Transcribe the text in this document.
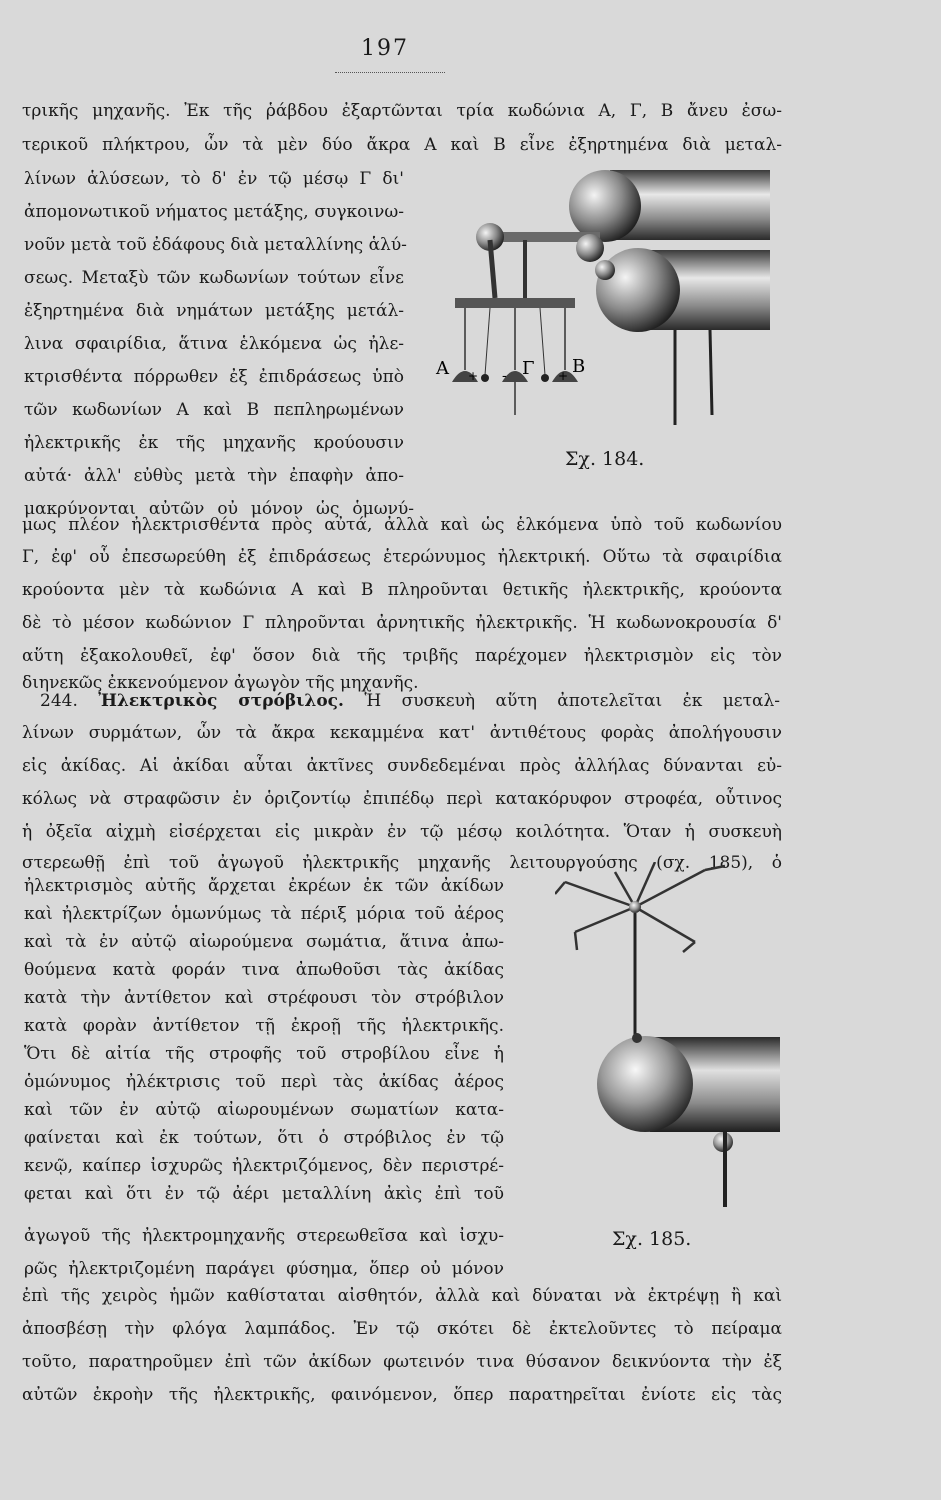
197
τρικῆς μηχανῆς. Ἐκ τῆς ῥάβδου ἐξαρτῶνται τρία κωδώνια Α, Γ, Β ἄνευ ἐσω-
τερικοῦ πλήκτρου, ὧν τὰ μὲν δύο ἄκρα Α καὶ Β εἶνε ἐξηρτημένα διὰ μεταλ-
λίνων ἁλύσεων, τὸ δ' ἐν τῷ μέσῳ Γ δι'
ἀπομονωτικοῦ νήματος μετάξης, συγκοινω-
νοῦν μετὰ τοῦ ἐδάφους διὰ μεταλλίνης ἁλύ-
σεως. Μεταξὺ τῶν κωδωνίων τούτων εἶνε
ἐξηρτημένα διὰ νημάτων μετάξης μετάλ-
λινα σφαιρίδια, ἅτινα ἑλκόμενα ὡς ἠλε-
κτρισθέντα πόρρωθεν ἐξ ἐπιδράσεως ὑπὸ
τῶν κωδωνίων Α καὶ Β πεπληρωμένων
ἠλεκτρικῆς ἐκ τῆς μηχανῆς κρούουσιν
αὐτά· ἀλλ' εὐθὺς μετὰ τὴν ἐπαφὴν ἀπο-
μακρύνονται αὐτῶν οὐ μόνον ὡς ὁμωνύ-
Α + - Γ + Β
Σχ. 184.
μως πλέον ἠλεκτρισθέντα πρὸς αὐτά, ἀλλὰ καὶ ὡς ἑλκόμενα ὑπὸ τοῦ κωδωνίου
Γ, ἐφ' οὗ ἐπεσωρεύθη ἐξ ἐπιδράσεως ἑτερώνυμος ἠλεκτρική. Οὕτω τὰ σφαιρίδια
κρούοντα μὲν τὰ κωδώνια Α καὶ Β πληροῦνται θετικῆς ἠλεκτρικῆς, κρούοντα
δὲ τὸ μέσον κωδώνιον Γ πληροῦνται ἀρνητικῆς ἠλεκτρικῆς. Ἡ κωδωνοκρουσία δ'
αὕτη ἐξακολουθεῖ, ἐφ' ὅσον διὰ τῆς τριβῆς παρέχομεν ἠλεκτρισμὸν εἰς τὸν
διηνεκῶς ἐκκενούμενον ἀγωγὸν τῆς μηχανῆς.
244. Ἠλεκτρικὸς στρόβιλος. Ἡ συσκευὴ αὕτη ἀποτελεῖται ἐκ μεταλ-
λίνων συρμάτων, ὧν τὰ ἄκρα κεκαμμένα κατ' ἀντιθέτους φορὰς ἀπολήγουσιν
εἰς ἀκίδας. Αἱ ἀκίδαι αὗται ἀκτῖνες συνδεδεμέναι πρὸς ἀλλήλας δύνανται εὐ-
κόλως νὰ στραφῶσιν ἐν ὁριζοντίῳ ἐπιπέδῳ περὶ κατακόρυφον στροφέα, οὗτινος
ἡ ὀξεῖα αἰχμὴ εἰσέρχεται εἰς μικρὰν ἐν τῷ μέσῳ κοιλότητα. Ὅταν ἡ συσκευὴ
στερεωθῇ ἐπὶ τοῦ ἀγωγοῦ ἠλεκτρικῆς μηχανῆς λειτουργούσης (σχ. 185), ὁ
ἠλεκτρισμὸς αὐτῆς ἄρχεται ἐκρέων ἐκ τῶν ἀκίδων
καὶ ἠλεκτρίζων ὁμωνύμως τὰ πέριξ μόρια τοῦ ἀέρος
καὶ τὰ ἐν αὐτῷ αἰωρούμενα σωμάτια, ἅτινα ἀπω-
θούμενα κατὰ φοράν τινα ἀπωθοῦσι τὰς ἀκίδας
κατὰ τὴν ἀντίθετον καὶ στρέφουσι τὸν στρόβιλον
κατὰ φορὰν ἀντίθετον τῇ ἐκροῇ τῆς ἠλεκτρικῆς.
Ὅτι δὲ αἰτία τῆς στροφῆς τοῦ στροβίλου εἶνε ἡ
ὁμώνυμος ἠλέκτρισις τοῦ περὶ τὰς ἀκίδας ἀέρος
καὶ τῶν ἐν αὐτῷ αἰωρουμένων σωματίων κατα-
φαίνεται καὶ ἐκ τούτων, ὅτι ὁ στρόβιλος ἐν τῷ
κενῷ, καίπερ ἰσχυρῶς ἠλεκτριζόμενος, δὲν περιστρέ-
φεται καὶ ὅτι ἐν τῷ ἀέρι μεταλλίνη ἀκὶς ἐπὶ τοῦ
ἀγωγοῦ τῆς ἠλεκτρομηχανῆς στερεωθεῖσα καὶ ἰσχυ-
ρῶς ἠλεκτριζομένη παράγει φύσημα, ὅπερ οὐ μόνον
Σχ. 185.
ἐπὶ τῆς χειρὸς ἡμῶν καθίσταται αἰσθητόν, ἀλλὰ καὶ δύναται νὰ ἐκτρέψῃ ἢ καὶ
ἀποσβέσῃ τὴν φλόγα λαμπάδος. Ἐν τῷ σκότει δὲ ἐκτελοῦντες τὸ πείραμα
τοῦτο, παρατηροῦμεν ἐπὶ τῶν ἀκίδων φωτεινόν τινα θύσανον δεικνύοντα τὴν ἐξ
αὐτῶν ἐκροὴν τῆς ἠλεκτρικῆς, φαινόμενον, ὅπερ παρατηρεῖται ἐνίοτε εἰς τὰς
